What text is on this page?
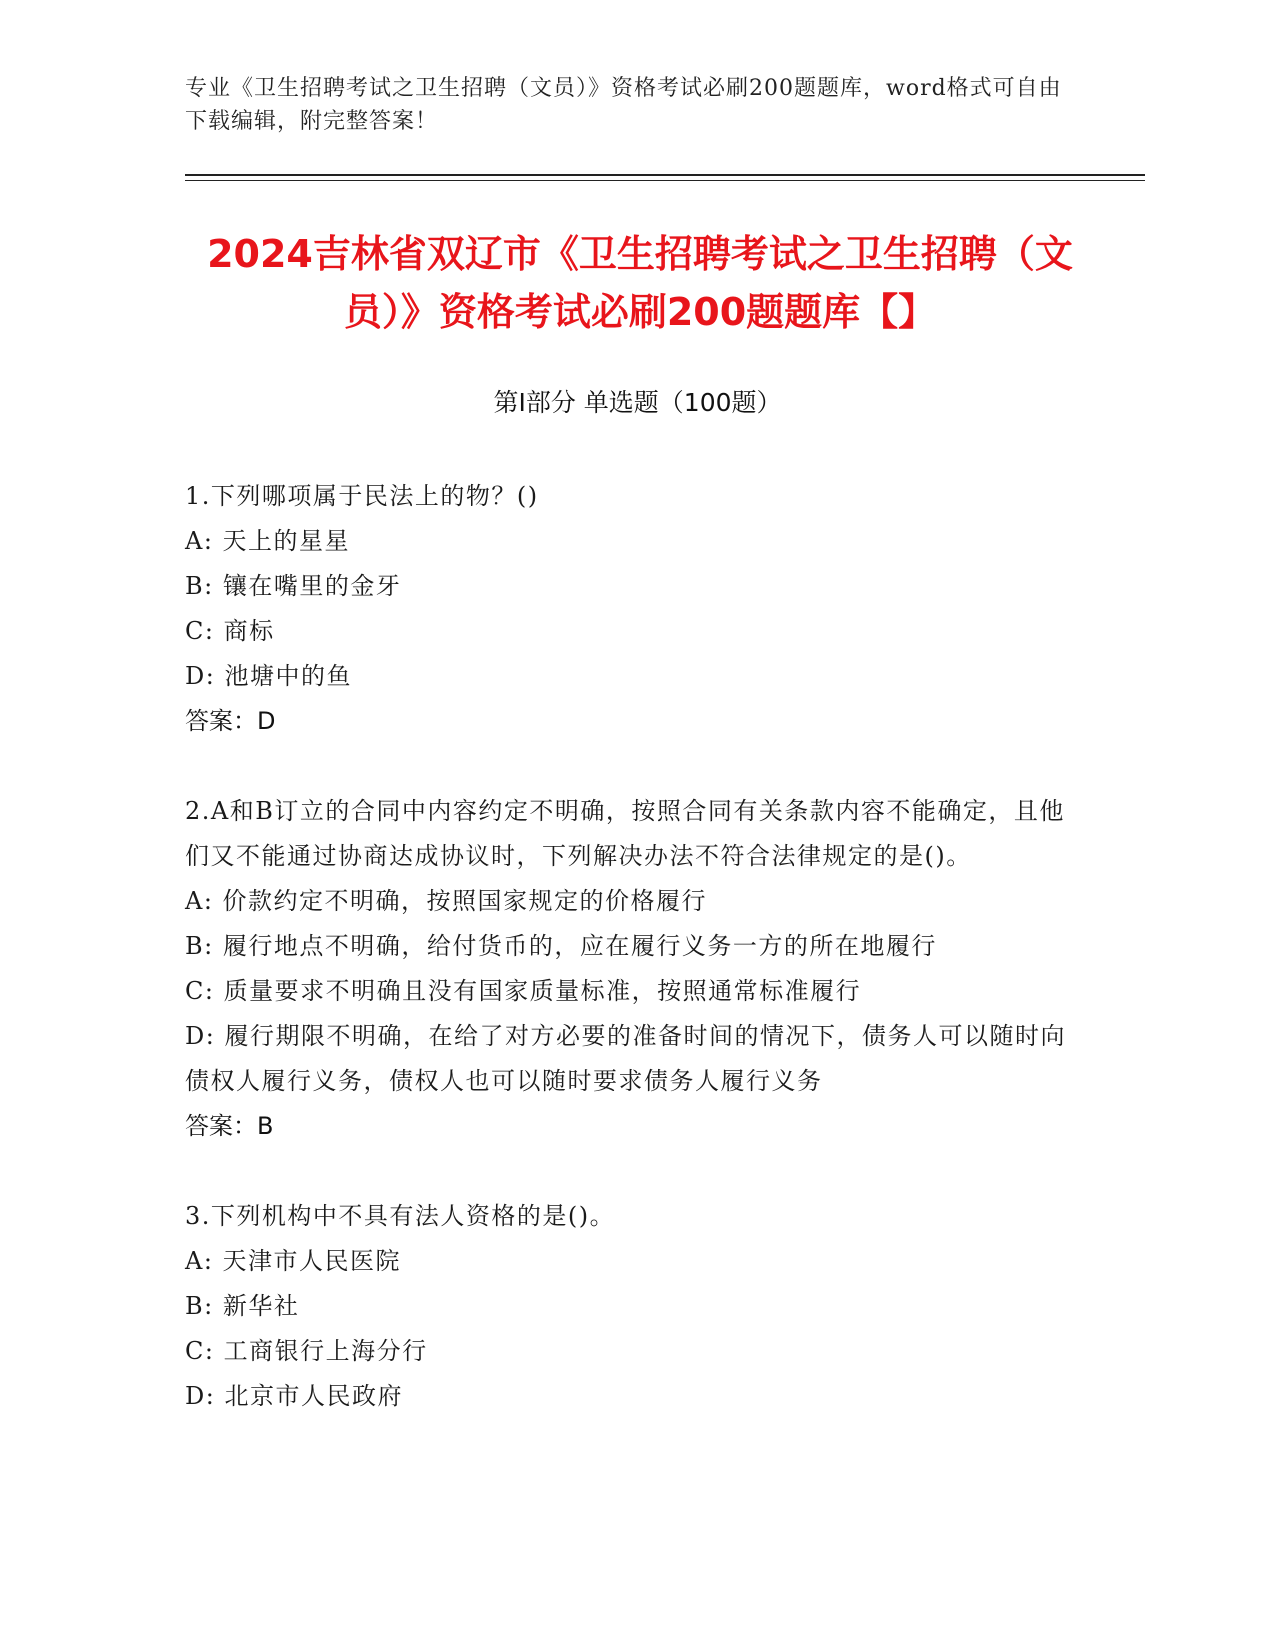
专业《卫生招聘考试之卫生招聘（文员）》资格考试必刷200题题库，word格式可自由下载编辑，附完整答案！
2024吉林省双辽市《卫生招聘考试之卫生招聘（文员）》资格考试必刷200题题库【】
第Ⅰ部分 单选题（100题）

1.下列哪项属于民法上的物？()

A: 天上的星星

B: 镶在嘴里的金牙

C: 商标

D: 池塘中的鱼

答案：D

2.A和B订立的合同中内容约定不明确，按照合同有关条款内容不能确定，且他们又不能通过协商达成协议时，下列解决办法不符合法律规定的是()。

A: 价款约定不明确，按照国家规定的价格履行

B: 履行地点不明确，给付货币的，应在履行义务一方的所在地履行

C: 质量要求不明确且没有国家质量标准，按照通常标准履行

D: 履行期限不明确，在给了对方必要的准备时间的情况下，债务人可以随时向债权人履行义务，债权人也可以随时要求债务人履行义务

答案：B

3.下列机构中不具有法人资格的是()。

A: 天津市人民医院

B: 新华社

C: 工商银行上海分行

D: 北京市人民政府
